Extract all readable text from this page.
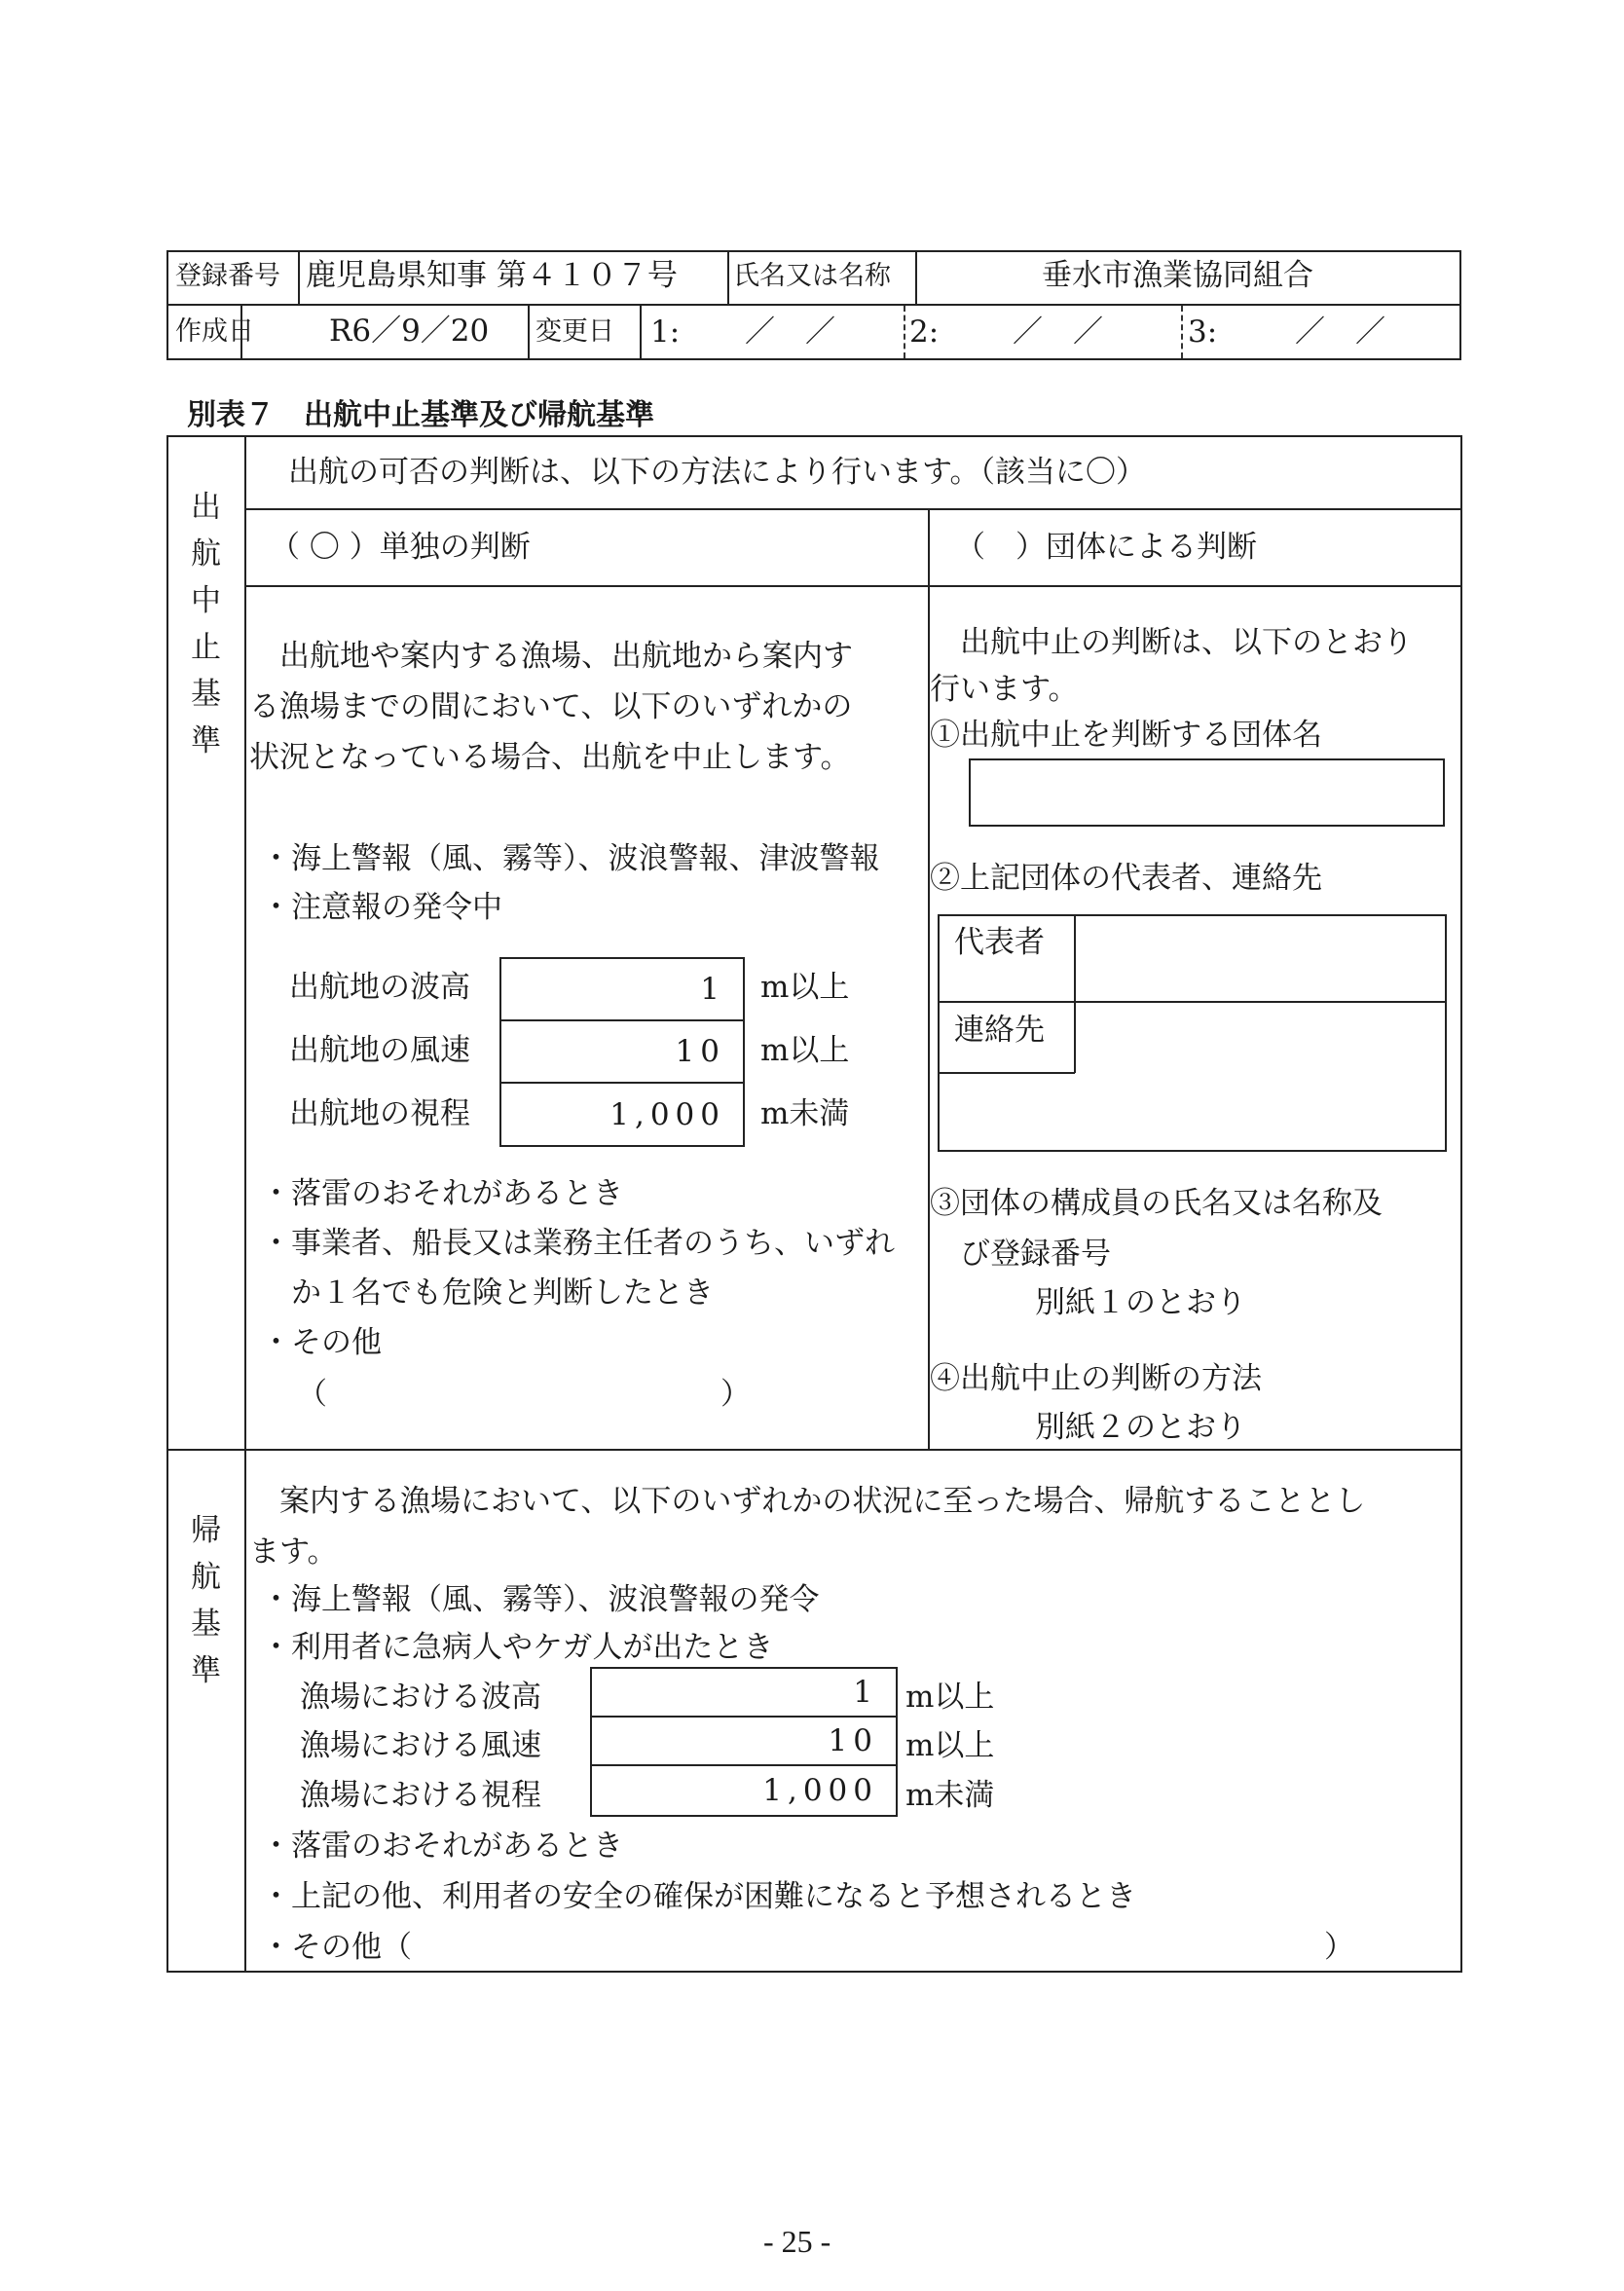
登録番号 鹿児島県知事 第４１０７号 氏名又は名称	垂水市漁業協同組合
作成日 R6／9／20 変更日 1: ／　／ 2: ／　／	3:	／　／
別表７　出航中止基準及び帰航基準
出
航
中
止
基
準
出航の可否の判断は、以下の方法により行います。（該当に〇）
（ 〇 ）単独の判断	（　）団体による判断
　出航地や案内する漁場、出航地から案内す
る漁場までの間において、以下のいずれかの
状況となっている場合、出航を中止します。
・海上警報（風、霧等）、波浪警報、津波警報
・注意報の発令中
出航地の波高	1 m以上
出航地の風速	10 m以上
出航地の視程	1,000 m未満
・落雷のおそれがあるとき
・事業者、船長又は業務主任者のうち、いずれ
　か１名でも危険と判断したとき
・その他
（	）
　出航中止の判断は、以下のとおり
行います。
①出航中止を判断する団体名
②上記団体の代表者、連絡先
代表者
連絡先
③団体の構成員の氏名又は名称及
　び登録番号
別紙１のとおり
④出航中止の判断の方法
別紙２のとおり
帰
航
基
準
　案内する漁場において、以下のいずれかの状況に至った場合、帰航することとし
ます。
・海上警報（風、霧等）、波浪警報の発令
・利用者に急病人やケガ人が出たとき
漁場における波高	1 m以上
漁場における風速	10 m以上
漁場における視程	1,000 m未満
・落雷のおそれがあるとき
・上記の他、利用者の安全の確保が困難になると予想されるとき
・その他（	）
- 25 -
